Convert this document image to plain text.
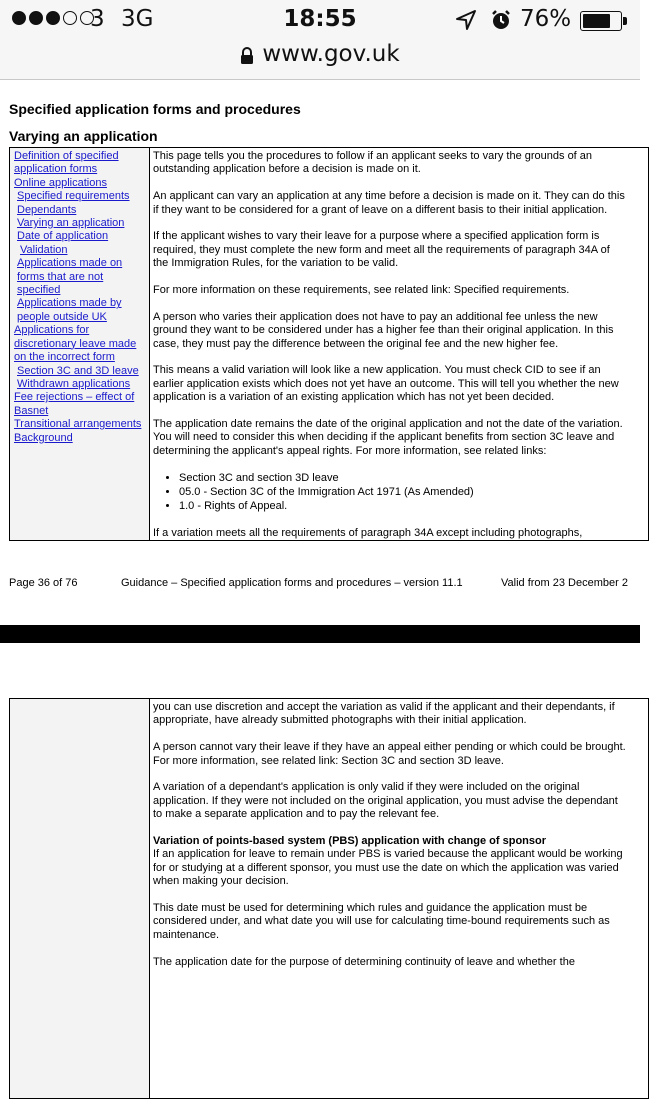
3 3G	18:55	76%
www.gov.uk
Specified application forms and procedures
Varying an application
Definition of specified application forms
Online applications
Specified requirements
Dependants
Varying an application
Date of application
Validation
Applications made on forms that are not specified
Applications made by people outside UK
Applications for discretionary leave made on the incorrect form
Section 3C and 3D leave
Withdrawn applications
Fee rejections – effect of Basnet
Transitional arrangements
Background

This page tells you the procedures to follow if an applicant seeks to vary the grounds of an outstanding application before a decision is made on it.

An applicant can vary an application at any time before a decision is made on it. They can do this if they want to be considered for a grant of leave on a different basis to their initial application.

If the applicant wishes to vary their leave for a purpose where a specified application form is required, they must complete the new form and meet all the requirements of paragraph 34A of the Immigration Rules, for the variation to be valid.

For more information on these requirements, see related link: Specified requirements.

A person who varies their application does not have to pay an additional fee unless the new ground they want to be considered under has a higher fee than their original application. In this case, they must pay the difference between the original fee and the new higher fee.

This means a valid variation will look like a new application. You must check CID to see if an earlier application exists which does not yet have an outcome. This will tell you whether the new application is a variation of an existing application which has not yet been decided.

The application date remains the date of the original application and not the date of the variation. You will need to consider this when deciding if the applicant benefits from section 3C leave and determining the applicant's appeal rights. For more information, see related links:

• Section 3C and section 3D leave
• 05.0 - Section 3C of the Immigration Act 1971 (As Amended)
• 1.0 - Rights of Appeal.
If a variation meets all the requirements of paragraph 34A except including photographs,
Page 36 of 76	Guidance – Specified application forms and procedures – version 11.1	Valid from 23 December 2

you can use discretion and accept the variation as valid if the applicant and their dependants, if appropriate, have already submitted photographs with their initial application.

A person cannot vary their leave if they have an appeal either pending or which could be brought. For more information, see related link: Section 3C and section 3D leave.

A variation of a dependant's application is only valid if they were included on the original application. If they were not included on the original application, you must advise the dependant to make a separate application and to pay the relevant fee.

Variation of points-based system (PBS) application with change of sponsor

If an application for leave to remain under PBS is varied because the applicant would be working for or studying at a different sponsor, you must use the date on which the application was varied when making your decision.

This date must be used for determining which rules and guidance the application must be considered under, and what date you will use for calculating time-bound requirements such as maintenance.

The application date for the purpose of determining continuity of leave and whether the
